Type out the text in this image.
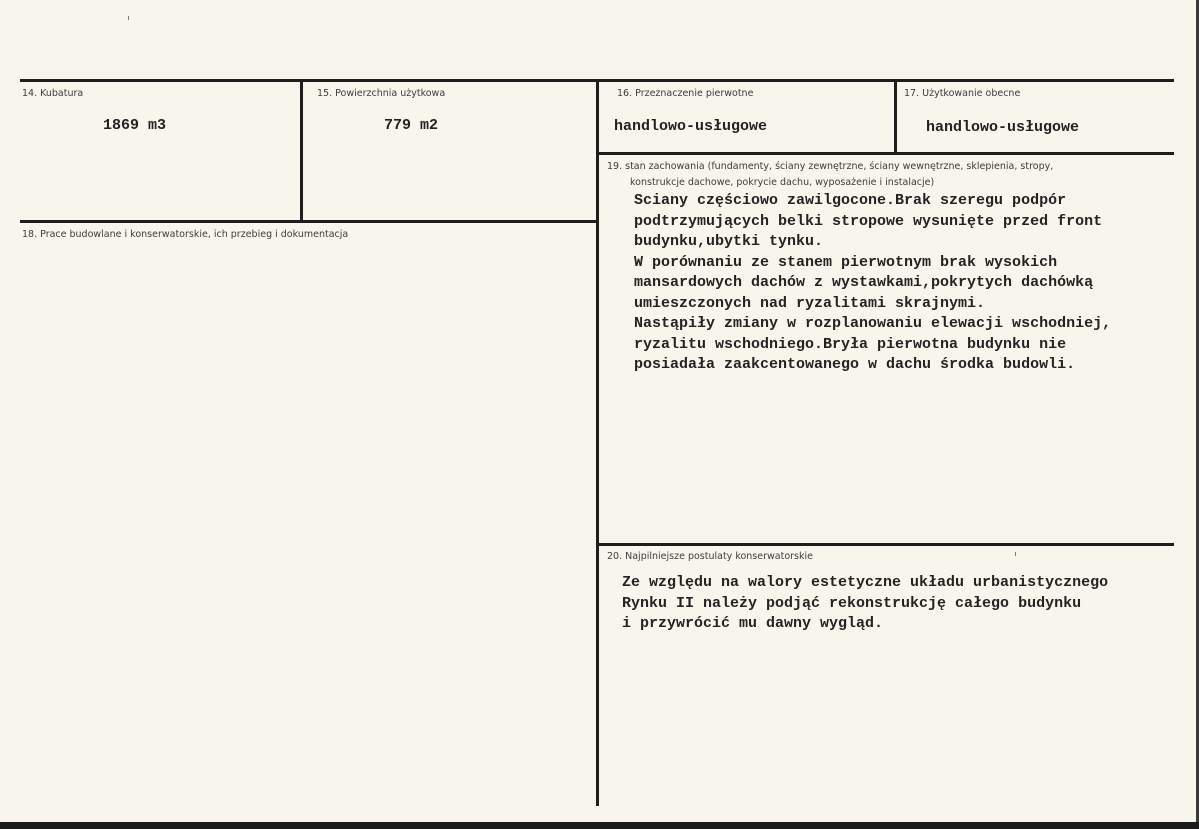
14. Kubatura
1869 m3
15. Powierzchnia użytkowa
779 m2
16. Przeznaczenie pierwotne
handlowo-usługowe
17. Użytkowanie obecne
handlowo-usługowe
18. Prace budowlane i konserwatorskie, ich przebieg i dokumentacja
19. stan zachowania (fundamenty, ściany zewnętrzne, ściany wewnętrzne, sklepienia, stropy,
konstrukcje dachowe, pokrycie dachu, wyposażenie i instalacje)
Sciany częściowo zawilgocone.Brak szeregu podpór
podtrzymujących belki stropowe wysunięte przed front
budynku,ubytki tynku.
W porównaniu ze stanem pierwotnym brak wysokich
mansardowych dachów z wystawkami,pokrytych dachówką
umieszczonych nad ryzalitami skrajnymi.
Nastąpiły zmiany w rozplanowaniu elewacji wschodniej,
ryzalitu wschodniego.Bryła pierwotna budynku nie
posiadała zaakcentowanego w dachu środka budowli.
20. Najpilniejsze postulaty konserwatorskie
Ze względu na walory estetyczne układu urbanistycznego
Rynku II należy podjąć rekonstrukcję całego budynku
i przywrócić mu dawny wygląd.
